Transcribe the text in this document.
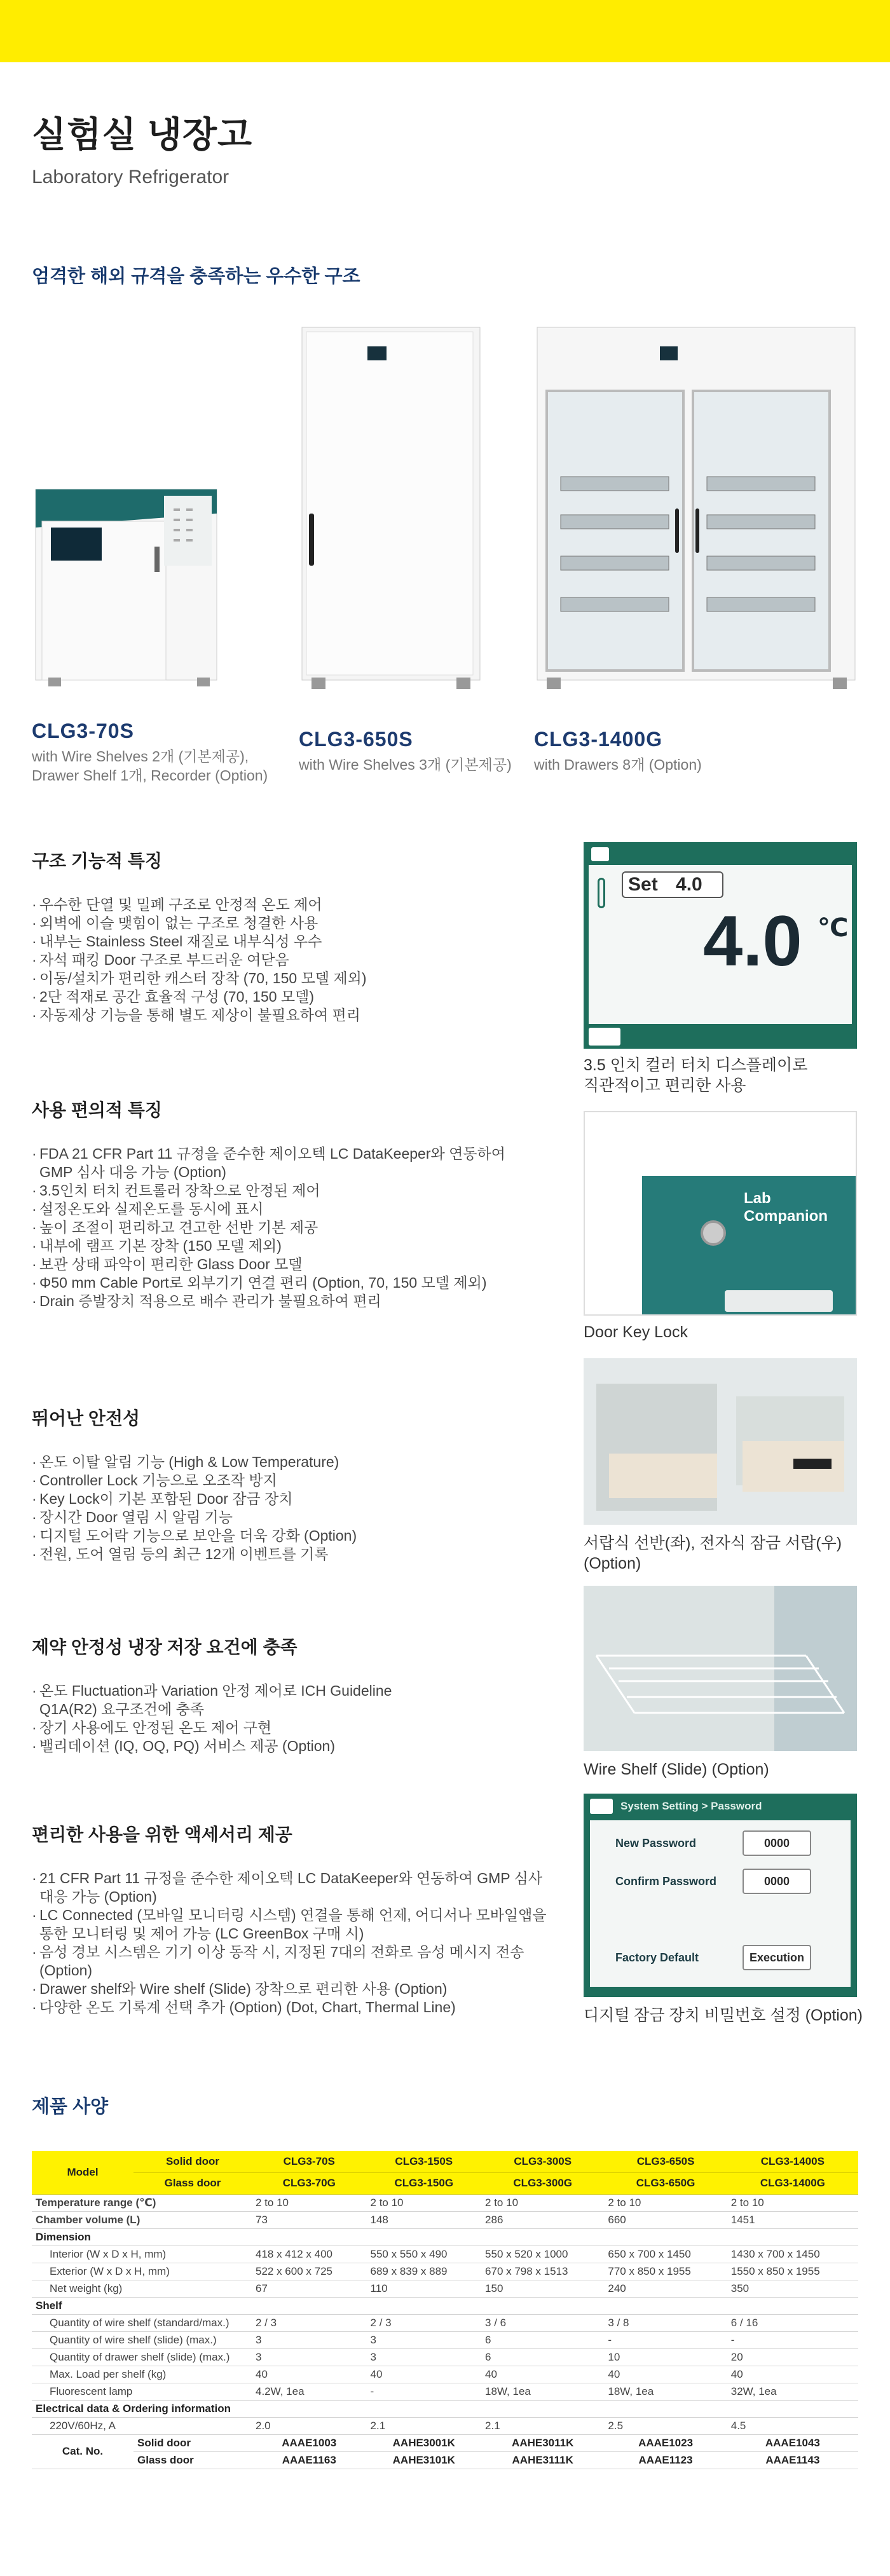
실험실 냉장고
Laboratory Refrigerator
엄격한 해외 규격을 충족하는 우수한 구조
CLG3-70S
with Wire Shelves 2개 (기본제공),
Drawer Shelf 1개, Recorder (Option)
CLG3-650S
with Wire Shelves 3개 (기본제공)
CLG3-1400G
with Drawers 8개 (Option)
구조 기능적 특징
· 우수한 단열 및 밀폐 구조로 안정적 온도 제어
· 외벽에 이슬 맺힘이 없는 구조로 청결한 사용
· 내부는 Stainless Steel 재질로 내부식성 우수
· 자석 패킹 Door 구조로 부드러운 여닫음
· 이동/설치가 편리한 캐스터 장착 (70, 150 모델 제외)
· 2단 적재로 공간 효율적 구성 (70, 150 모델)
· 자동제상 기능을 통해 별도 제상이 불필요하여 편리
사용 편의적 특징
· FDA 21 CFR Part 11 규정을 준수한 제이오텍 LC DataKeeper와 연동하여 GMP 심사 대응 가능 (Option)
· 3.5인치 터치 컨트롤러 장착으로 안정된 제어
· 설정온도와 실제온도를 동시에 표시
· 높이 조절이 편리하고 견고한 선반 기본 제공
· 내부에 램프 기본 장착 (150 모델 제외)
· 보관 상태 파악이 편리한 Glass Door 모델
· Φ50 mm Cable Port로 외부기기 연결 편리 (Option, 70, 150 모델 제외)
· Drain 증발장치 적용으로 배수 관리가 불필요하여 편리
뛰어난 안전성
· 온도 이탈 알림 기능 (High & Low Temperature)
· Controller Lock 기능으로 오조작 방지
· Key Lock이 기본 포함된 Door 잠금 장치
· 장시간 Door 열림 시 알림 기능
· 디지털 도어락 기능으로 보안을 더욱 강화 (Option)
· 전원, 도어 열림 등의 최근 12개 이벤트를 기록
제약 안정성 냉장 저장 요건에 충족
· 온도 Fluctuation과 Variation 안정 제어로 ICH Guideline Q1A(R2) 요구조건에 충족
· 장기 사용에도 안정된 온도 제어 구현
· 밸리데이션 (IQ, OQ, PQ) 서비스 제공 (Option)
편리한 사용을 위한 액세서리 제공
· 21 CFR Part 11 규정을 준수한 제이오텍 LC DataKeeper와 연동하여 GMP 심사 대응 가능 (Option)
· LC Connected (모바일 모니터링 시스템) 연결을 통해 언제, 어디서나 모바일앱을 통한 모니터링 및 제어 가능 (LC GreenBox 구매 시)
· 음성 경보 시스템은 기기 이상 동작 시, 지정된 7대의 전화로 음성 메시지 전송 (Option)
· Drawer shelf와 Wire shelf (Slide) 장착으로 편리한 사용 (Option)
· 다양한 온도 기록계 선택 추가 (Option) (Dot, Chart, Thermal Line)
Set 4.0
4.0 ℃
3.5 인치 컬러 터치 디스플레이로
직관적이고 편리한 사용
Lab Companion
Door Key Lock
서랍식 선반(좌), 전자식 잠금 서랍(우)
(Option)
Wire Shelf (Slide) (Option)
System Setting > Password
New Password	0000
Confirm Password	0000
Factory Default	Execution
디지털 잠금 장치 비밀번호 설정 (Option)
제품 사양
Model	Solid door	CLG3-70S	CLG3-150S	CLG3-300S	CLG3-650S	CLG3-1400S
	Glass door	CLG3-70G	CLG3-150G	CLG3-300G	CLG3-650G	CLG3-1400G
Temperature range (℃)		2 to 10	2 to 10	2 to 10	2 to 10	2 to 10
Chamber volume (L)		73	148	286	660	1451
Dimension						
Interior (W x D x H, mm)		418 x 412 x 400	550 x 550 x 490	550 x 520 x 1000	650 x 700 x 1450	1430 x 700 x 1450
Exterior (W x D x H, mm)		522 x 600 x 725	689 x 839 x 889	670 x 798 x 1513	770 x 850 x 1955	1550 x 850 x 1955
Net weight (kg)		67	110	150	240	350
Shelf						
Quantity of wire shelf (standard/max.)		2 / 3	2 / 3	3 / 6	3 / 8	6 / 16
Quantity of wire shelf (slide) (max.)		3	3	6	-	-
Quantity of drawer shelf (slide) (max.)		3	3	6	10	20
Max. Load per shelf (kg)		40	40	40	40	40
Fluorescent lamp		4.2W, 1ea	-	18W, 1ea	18W, 1ea	32W, 1ea
Electrical data & Ordering information						
220V/60Hz, A		2.0	2.1	2.1	2.5	4.5
Cat. No.	Solid door	AAAE1003	AAHE3001K	AAHE3011K	AAAE1023	AAAE1043
	Glass door	AAAE1163	AAHE3101K	AAHE3111K	AAAE1123	AAAE1143
